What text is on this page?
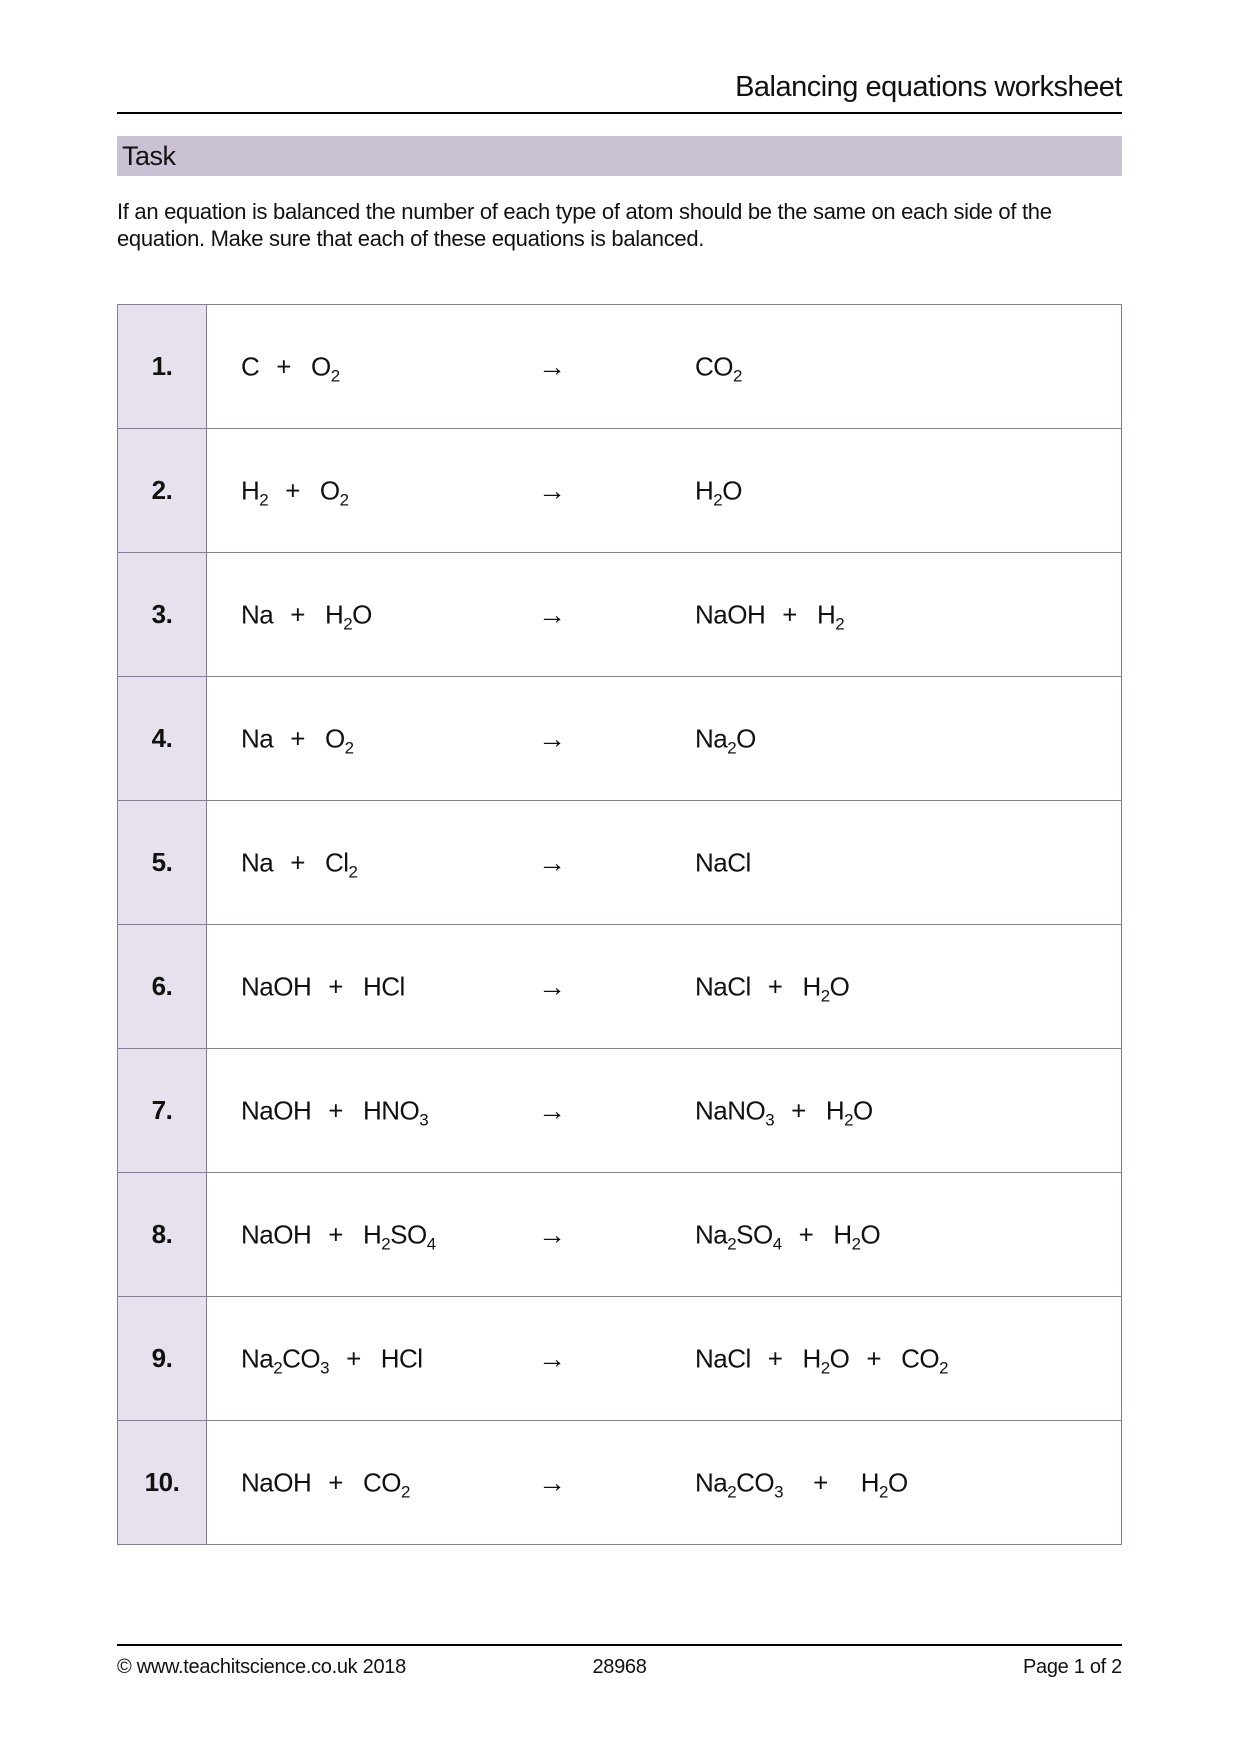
Balancing equations worksheet
Task

If an equation is balanced the number of each type of atom should be the same on each side of the equation. Make sure that each of these equations is balanced.

1.	$C + O_2 \to CO_2$

2.	$H_2 + O_2 \to H_2O$

3.	$Na + H_2O$ → NaOH + $H_2$

4.	$Na + O_2 \to Na_2O$

5.	$Na + Cl_2$ → NaCl

6.	NaOH + HCl → NaCl + $H_2O$

7.	NaOH + $HNO_3$ → NaNO$_3$ + $H_2O$

8.	NaOH + $H_2SO_4 \to Na_2SO_4 + H_2O$

9.	$Na_2CO_3$ + HCl → NaCl + $H_2O + CO_2$

10.	NaOH + $CO_2 \to Na_2CO_3 + H_2O$
© www.teachitscience.co.uk 2018	28968	Page 1 of 2
